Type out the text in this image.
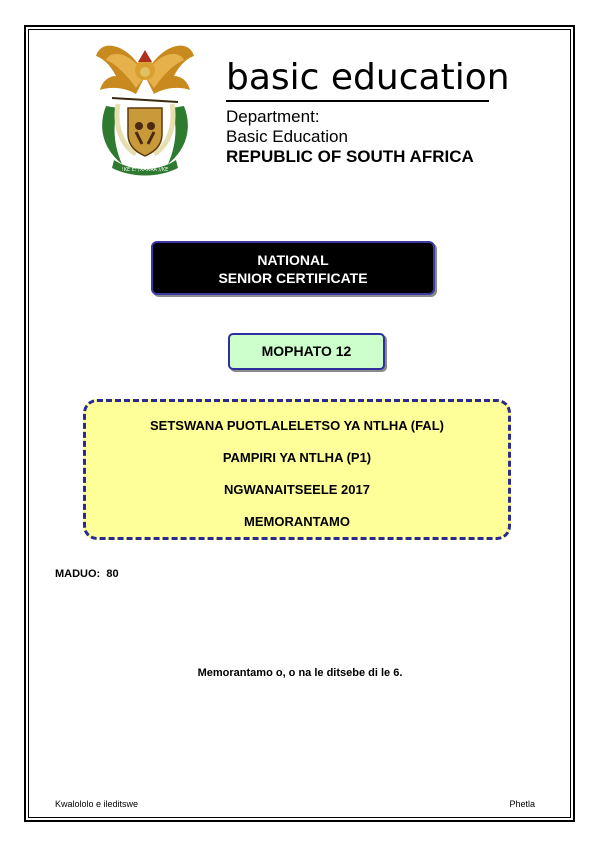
!KE E: /XARRA //KE
basic education
Department:
Basic Education
REPUBLIC OF SOUTH AFRICA
NATIONAL
SENIOR CERTIFICATE
MOPHATO 12
SETSWANA PUOTLALELETSO YA NTLHA (FAL)
PAMPIRI YA NTLHA (P1)
NGWANAITSEELE 2017
MEMORANTAMO
MADUO:  80
Memorantamo o, o na le ditsebe di le 6.
Kwalololo e ileditswe	Phetla
